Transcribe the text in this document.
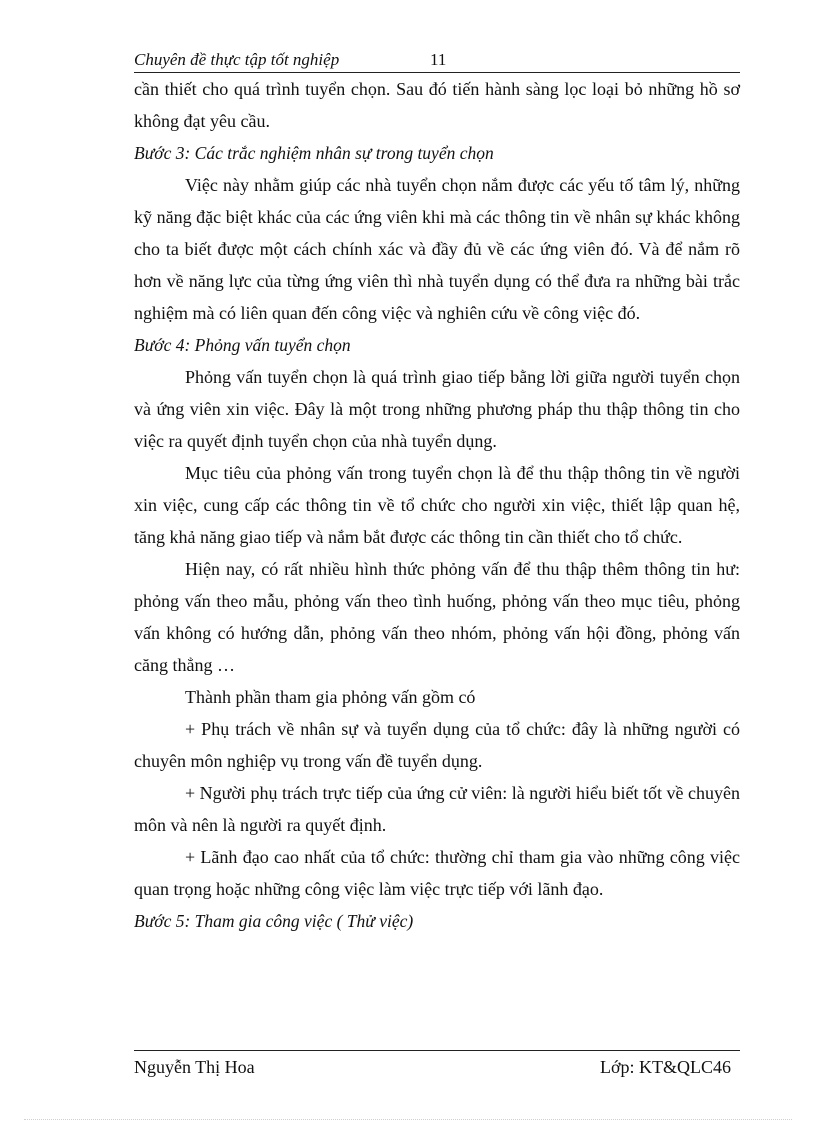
Chuyên đề thực tập tốt nghiệp	11

cần thiết cho quá trình tuyển chọn. Sau đó tiến hành sàng lọc loại bỏ những hồ sơ không đạt yêu cầu.

Bước 3: Các trắc nghiệm nhân sự trong tuyển chọn

Việc này nhằm giúp các nhà tuyển chọn nắm được các yếu tố tâm lý, những kỹ năng đặc biệt khác của các ứng viên khi mà các thông tin về nhân sự khác không cho ta biết được một cách chính xác và đầy đủ về các ứng viên đó. Và để nắm rõ hơn về năng lực của từng ứng viên thì nhà tuyển dụng có thể đưa ra những bài trắc nghiệm mà có liên quan đến công việc và nghiên cứu về công việc đó.

Bước 4: Phỏng vấn tuyển chọn

Phỏng vấn tuyển chọn là quá trình giao tiếp bằng lời giữa người tuyển chọn và ứng viên xin việc. Đây là một trong những phương pháp thu thập thông tin cho việc ra quyết định tuyển chọn của nhà tuyển dụng.

Mục tiêu của phỏng vấn trong tuyển chọn là để thu thập thông tin về người xin việc, cung cấp các thông tin về tổ chức cho người xin việc, thiết lập quan hệ, tăng khả năng giao tiếp và nắm bắt được các thông tin cần thiết cho tổ chức.

Hiện nay, có rất nhiều hình thức phỏng vấn để thu thập thêm thông tin hư: phỏng vấn theo mẫu, phỏng vấn theo tình huống, phỏng vấn theo mục tiêu, phỏng vấn không có hướng dẫn, phỏng vấn theo nhóm, phỏng vấn hội đồng, phỏng vấn căng thẳng …

Thành phần tham gia phỏng vấn gồm có

+ Phụ trách về nhân sự và tuyển dụng của tổ chức: đây là những người có chuyên môn nghiệp vụ trong vấn đề tuyển dụng.

+ Người phụ trách trực tiếp của ứng cử viên: là người hiểu biết tốt về chuyên môn và nên là người ra quyết định.

+ Lãnh đạo cao nhất của tổ chức: thường chỉ tham gia vào những công việc quan trọng hoặc những công việc làm việc trực tiếp với lãnh đạo.

Bước 5: Tham gia công việc ( Thử việc)

Nguyễn Thị Hoa	Lớp: KT&QLC46
